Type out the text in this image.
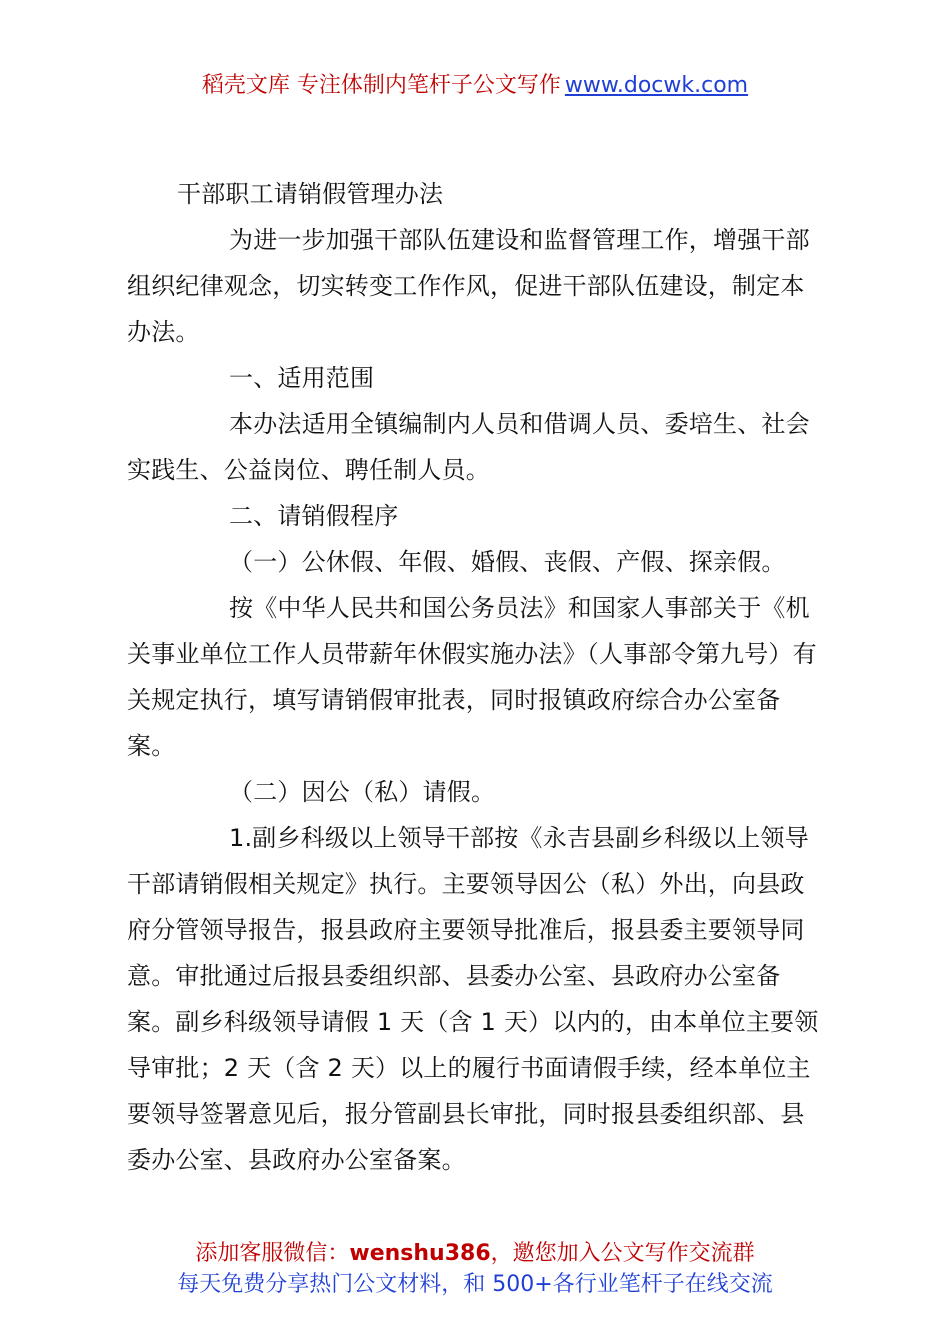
稻壳文库 专注体制内笔杆子公文写作 www.docwk.com

干部职工请销假管理办法

为进一步加强干部队伍建设和监督管理工作，增强干部组织纪律观念，切实转变工作作风，促进干部队伍建设，制定本办法。

一、适用范围

本办法适用全镇编制内人员和借调人员、委培生、社会实践生、公益岗位、聘任制人员。

二、请销假程序

（一）公休假、年假、婚假、丧假、产假、探亲假。

按《中华人民共和国公务员法》和国家人事部关于《机关事业单位工作人员带薪年休假实施办法》（人事部令第九号）有关规定执行，填写请销假审批表，同时报镇政府综合办公室备案。

（二）因公（私）请假。

1.副乡科级以上领导干部按《永吉县副乡科级以上领导干部请销假相关规定》执行。主要领导因公（私）外出，向县政府分管领导报告，报县政府主要领导批准后，报县委主要领导同意。审批通过后报县委组织部、县委办公室、县政府办公室备案。副乡科级领导请假 1 天（含 1 天）以内的，由本单位主要领导审批；2 天（含 2 天）以上的履行书面请假手续，经本单位主要领导签署意见后，报分管副县长审批，同时报县委组织部、县委办公室、县政府办公室备案。

添加客服微信：wenshu386，邀您加入公文写作交流群
每天免费分享热门公文材料，和 500+各行业笔杆子在线交流
